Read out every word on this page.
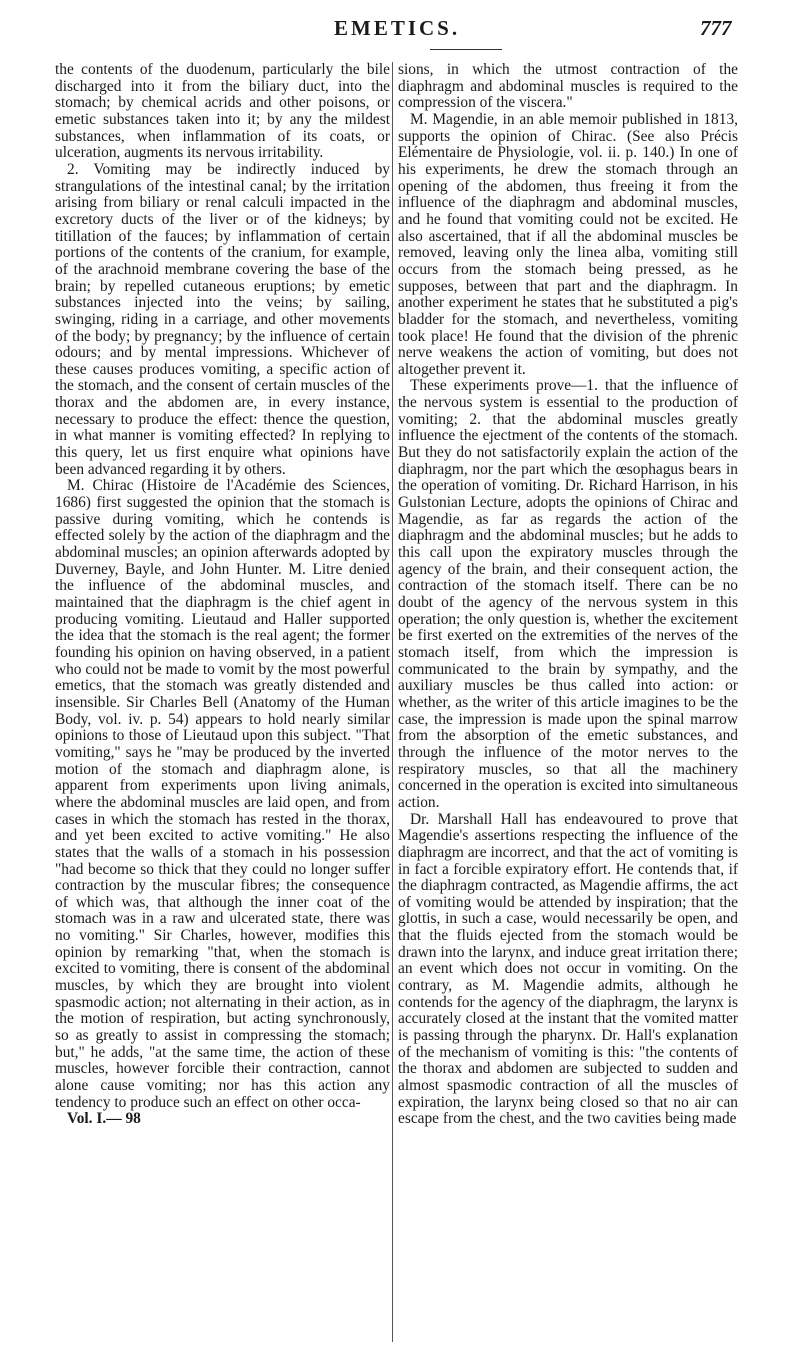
EMETICS.	777

the contents of the duodenum, particularly the bile discharged into it from the biliary duct, into the stomach; by chemical acrids and other poisons, or emetic substances taken into it; by any the mildest substances, when inflammation of its coats, or ulceration, augments its nervous irritability.

2. Vomiting may be indirectly induced by strangulations of the intestinal canal; by the irritation arising from biliary or renal calculi impacted in the excretory ducts of the liver or of the kidneys; by titillation of the fauces; by inflammation of certain portions of the contents of the cranium, for example, of the arachnoid membrane covering the base of the brain; by repelled cutaneous eruptions; by emetic substances injected into the veins; by sailing, swinging, riding in a carriage, and other movements of the body; by pregnancy; by the influence of certain odours; and by mental impressions. Whichever of these causes produces vomiting, a specific action of the stomach, and the consent of certain muscles of the thorax and the abdomen are, in every instance, necessary to produce the effect: thence the question, in what manner is vomiting effected? In replying to this query, let us first enquire what opinions have been advanced regarding it by others.

M. Chirac (Histoire de l'Académie des Sciences, 1686) first suggested the opinion that the stomach is passive during vomiting, which he contends is effected solely by the action of the diaphragm and the abdominal muscles; an opinion afterwards adopted by Duverney, Bayle, and John Hunter. M. Litre denied the influence of the abdominal muscles, and maintained that the diaphragm is the chief agent in producing vomiting. Lieutaud and Haller supported the idea that the stomach is the real agent; the former founding his opinion on having observed, in a patient who could not be made to vomit by the most powerful emetics, that the stomach was greatly distended and insensible. Sir Charles Bell (Anatomy of the Human Body, vol. iv. p. 54) appears to hold nearly similar opinions to those of Lieutaud upon this subject. "That vomiting," says he "may be produced by the inverted motion of the stomach and diaphragm alone, is apparent from experiments upon living animals, where the abdominal muscles are laid open, and from cases in which the stomach has rested in the thorax, and yet been excited to active vomiting." He also states that the walls of a stomach in his possession "had become so thick that they could no longer suffer contraction by the muscular fibres; the consequence of which was, that although the inner coat of the stomach was in a raw and ulcerated state, there was no vomiting." Sir Charles, however, modifies this opinion by remarking "that, when the stomach is excited to vomiting, there is consent of the abdominal muscles, by which they are brought into violent spasmodic action; not alternating in their action, as in the motion of respiration, but acting synchronously, so as greatly to assist in compressing the stomach; but," he adds, "at the same time, the action of these muscles, however forcible their contraction, cannot alone cause vomiting; nor has this action any tendency to produce such an effect on other occa-

Vol. I.— 98

sions, in which the utmost contraction of the diaphragm and abdominal muscles is required to the compression of the viscera."

M. Magendie, in an able memoir published in 1813, supports the opinion of Chirac. (See also Précis Elémentaire de Physiologie, vol. ii. p. 140.) In one of his experiments, he drew the stomach through an opening of the abdomen, thus freeing it from the influence of the diaphragm and abdominal muscles, and he found that vomiting could not be excited. He also ascertained, that if all the abdominal muscles be removed, leaving only the linea alba, vomiting still occurs from the stomach being pressed, as he supposes, between that part and the diaphragm. In another experiment he states that he substituted a pig's bladder for the stomach, and nevertheless, vomiting took place! He found that the division of the phrenic nerve weakens the action of vomiting, but does not altogether prevent it.

These experiments prove—1. that the influence of the nervous system is essential to the production of vomiting; 2. that the abdominal muscles greatly influence the ejectment of the contents of the stomach. But they do not satisfactorily explain the action of the diaphragm, nor the part which the œsophagus bears in the operation of vomiting. Dr. Richard Harrison, in his Gulstonian Lecture, adopts the opinions of Chirac and Magendie, as far as regards the action of the diaphragm and the abdominal muscles; but he adds to this call upon the expiratory muscles through the agency of the brain, and their consequent action, the contraction of the stomach itself. There can be no doubt of the agency of the nervous system in this operation; the only question is, whether the excitement be first exerted on the extremities of the nerves of the stomach itself, from which the impression is communicated to the brain by sympathy, and the auxiliary muscles be thus called into action: or whether, as the writer of this article imagines to be the case, the impression is made upon the spinal marrow from the absorption of the emetic substances, and through the influence of the motor nerves to the respiratory muscles, so that all the machinery concerned in the operation is excited into simultaneous action.

Dr. Marshall Hall has endeavoured to prove that Magendie's assertions respecting the influence of the diaphragm are incorrect, and that the act of vomiting is in fact a forcible expiratory effort. He contends that, if the diaphragm contracted, as Magendie affirms, the act of vomiting would be attended by inspiration; that the glottis, in such a case, would necessarily be open, and that the fluids ejected from the stomach would be drawn into the larynx, and induce great irritation there; an event which does not occur in vomiting. On the contrary, as M. Magendie admits, although he contends for the agency of the diaphragm, the larynx is accurately closed at the instant that the vomited matter is passing through the pharynx. Dr. Hall's explanation of the mechanism of vomiting is this: "the contents of the thorax and abdomen are subjected to sudden and almost spasmodic contraction of all the muscles of expiration, the larynx being closed so that no air can escape from the chest, and the two cavities being made
